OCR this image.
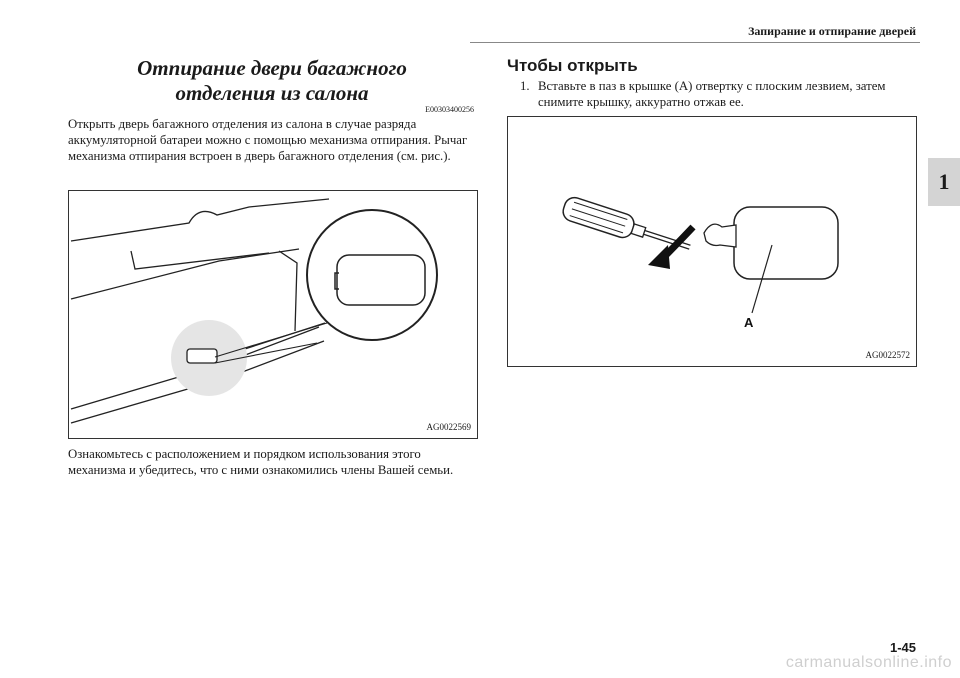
Запирание и отпирание дверей
1
Отпирание двери багажного
отделения из салона
E00303400256
Открыть дверь багажного отделения из салона в случае разряда аккумуляторной батареи можно с помощью механизма отпирания. Рычаг механизма отпирания встроен в дверь багажного отделения (см. рис.).
AG0022569
Ознакомьтесь с расположением и порядком использования этого механизма и убедитесь, что с ними ознакомились члены Вашей семьи.
Чтобы открыть
1. Вставьте в паз в крышке (А) отвертку с плоским лезвием, затем снимите крышку, аккуратно отжав ее.
A
AG0022572
1-45
carmanualsonline.info
